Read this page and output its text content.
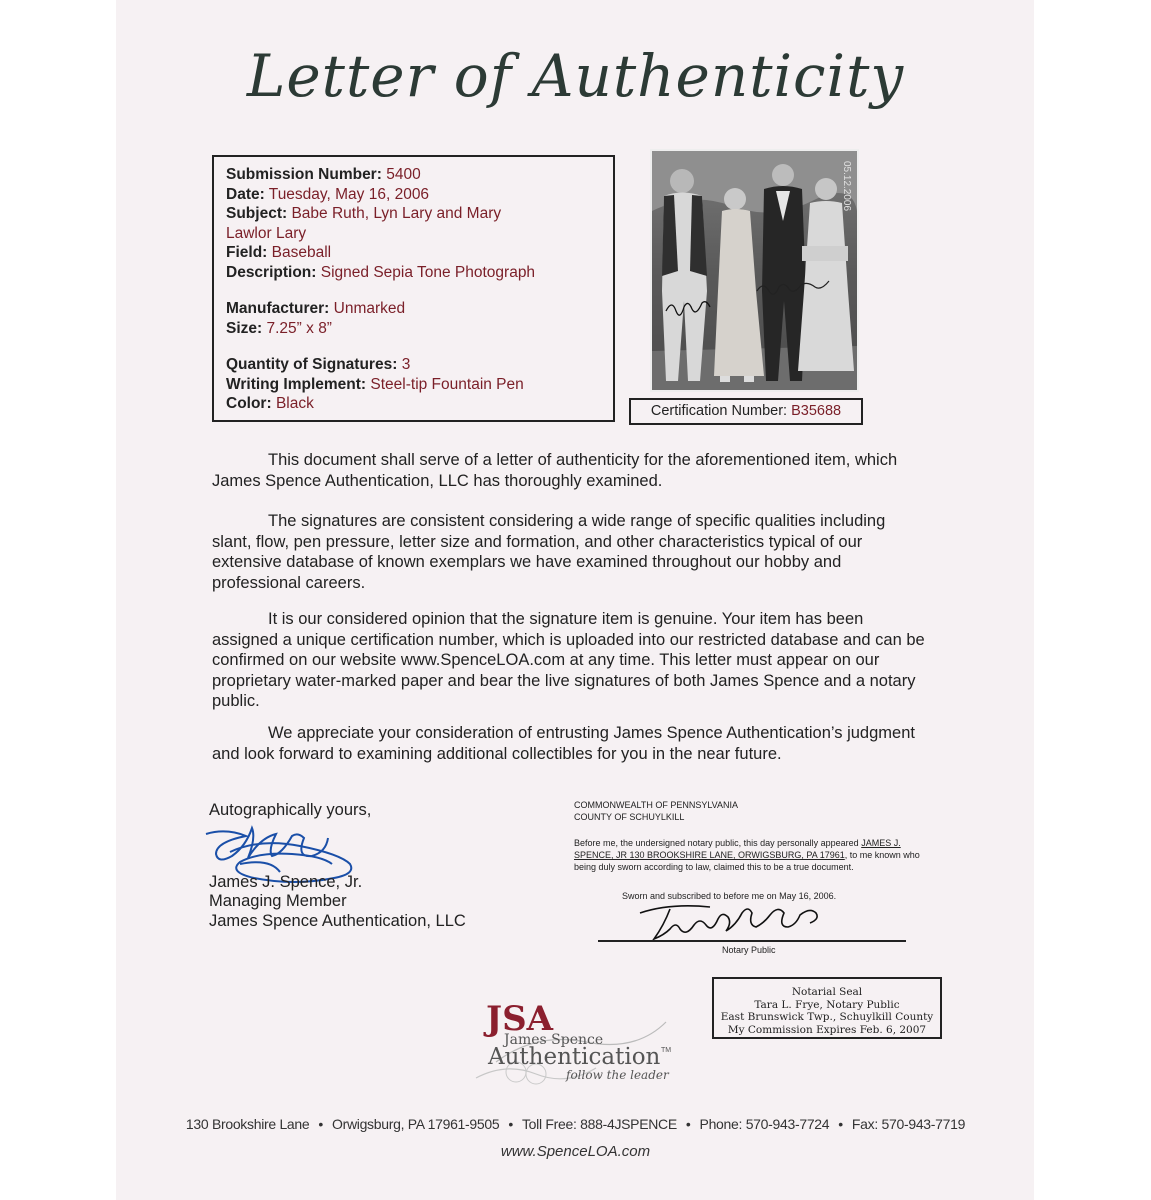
Letter of Authenticity
Submission Number: 5400
Date: Tuesday, May 16, 2006
Subject: Babe Ruth, Lyn Lary and Mary
Lawlor Lary
Field: Baseball
Description: Signed Sepia Tone Photograph
Manufacturer: Unmarked
Size: 7.25” x 8”
Quantity of Signatures: 3
Writing Implement: Steel-tip Fountain Pen
Color: Black
05.12.2006
Certification Number: B35688

This document shall serve of a letter of authenticity for the aforementioned item, which James Spence Authentication, LLC has thoroughly examined.

The signatures are consistent considering a wide range of specific qualities including slant, flow, pen pressure, letter size and formation, and other characteristics typical of our extensive database of known exemplars we have examined throughout our hobby and professional careers.

It is our considered opinion that the signature item is genuine. Your item has been assigned a unique certification number, which is uploaded into our restricted database and can be confirmed on our website www.SpenceLOA.com at any time. This letter must appear on our proprietary water-marked paper and bear the live signatures of both James Spence and a notary public.

We appreciate your consideration of entrusting James Spence Authentication’s judgment and look forward to examining additional collectibles for you in the near future.

Autographically yours,
James J. Spence, Jr.
Managing Member
James Spence Authentication, LLC
COMMONWEALTH OF PENNSYLVANIA
COUNTY OF SCHUYLKILL
Before me, the undersigned notary public, this day personally appeared JAMES J.
SPENCE, JR 130 BROOKSHIRE LANE, ORWIGSBURG, PA 17961, to me known who
being duly sworn according to law, claimed this to be a true document.
Sworn and subscribed to before me on May 16, 2006.
Notary Public
Notarial Seal
Tara L. Frye, Notary Public
East Brunswick Twp., Schuylkill County
My Commission Expires Feb. 6, 2007
JSA
James Spence
Authentication TM
follow the leader
130 Brookshire Lane • Orwigsburg, PA 17961-9505 • Toll Free: 888-4JSPENCE • Phone: 570-943-7724 • Fax: 570-943-7719
www.SpenceLOA.com
